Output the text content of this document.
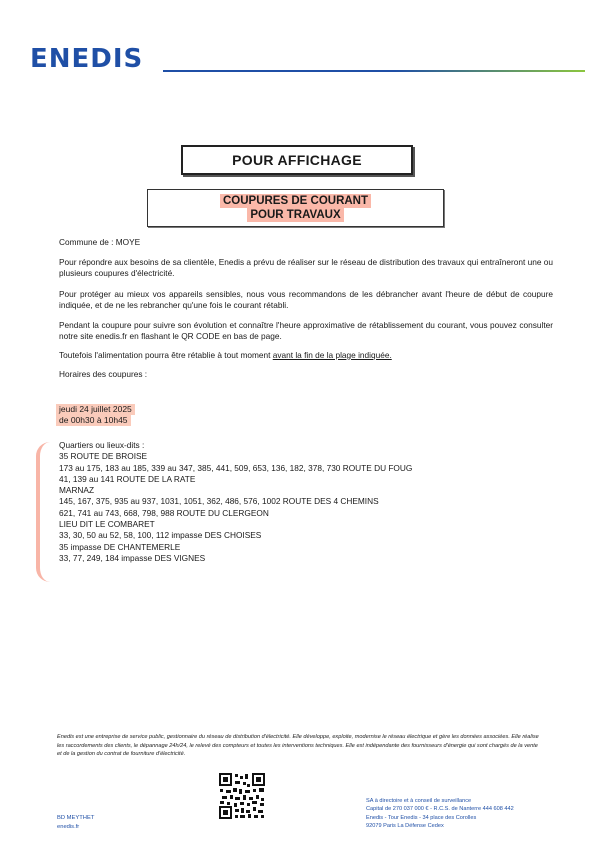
ENEDIS
POUR AFFICHAGE
COUPURES DE COURANT
POUR TRAVAUX
Commune de : MOYE
Pour répondre aux besoins de sa clientèle, Enedis a prévu de réaliser sur le réseau de distribution des travaux qui entraîneront une ou plusieurs coupures d'électricité.
Pour protéger au mieux vos appareils sensibles, nous vous recommandons de les débrancher avant l'heure de début de coupure indiquée, et de ne les rebrancher qu'une fois le courant rétabli.
Pendant la coupure pour suivre son évolution et connaître l'heure approximative de rétablissement du courant, vous pouvez consulter notre site enedis.fr en flashant le QR CODE en bas de page.
Toutefois l'alimentation pourra être rétablie à tout moment avant la fin de la plage indiquée.
Horaires des coupures :
jeudi 24 juillet 2025
de 00h30 à 10h45
Quartiers ou lieux-dits :
35 ROUTE DE BROISE
173 au 175, 183 au 185, 339 au 347, 385, 441, 509, 653, 136, 182, 378, 730 ROUTE DU FOUG
41, 139 au 141 ROUTE DE LA RATE
MARNAZ
145, 167, 375, 935 au 937, 1031, 1051, 362, 486, 576, 1002 ROUTE DES 4 CHEMINS
621, 741 au 743, 668, 798, 988 ROUTE DU CLERGEON
LIEU DIT LE COMBARET
33, 30, 50 au 52, 58, 100, 112 impasse DES CHOISES
35 impasse DE CHANTEMERLE
33, 77, 249, 184 impasse DES VIGNES
Enedis est une entreprise de service public, gestionnaire du réseau de distribution d'électricité. Elle développe, exploite, modernise le réseau électrique et gère les données associées. Elle réalise les raccordements des clients, le dépannage 24h/24, le relevé des compteurs et toutes les interventions techniques. Elle est indépendante des fournisseurs d'énergie qui sont chargés de la vente et de la gestion du contrat de fourniture d'électricité.
BD MEYTHET
enedis.fr
SA à directoire et à conseil de surveillance
Capital de 270 037 000 € - R.C.S. de Nanterre 444 608 442
Enedis - Tour Enedis - 34 place des Corolles
92079 Paris La Défense Cedex
